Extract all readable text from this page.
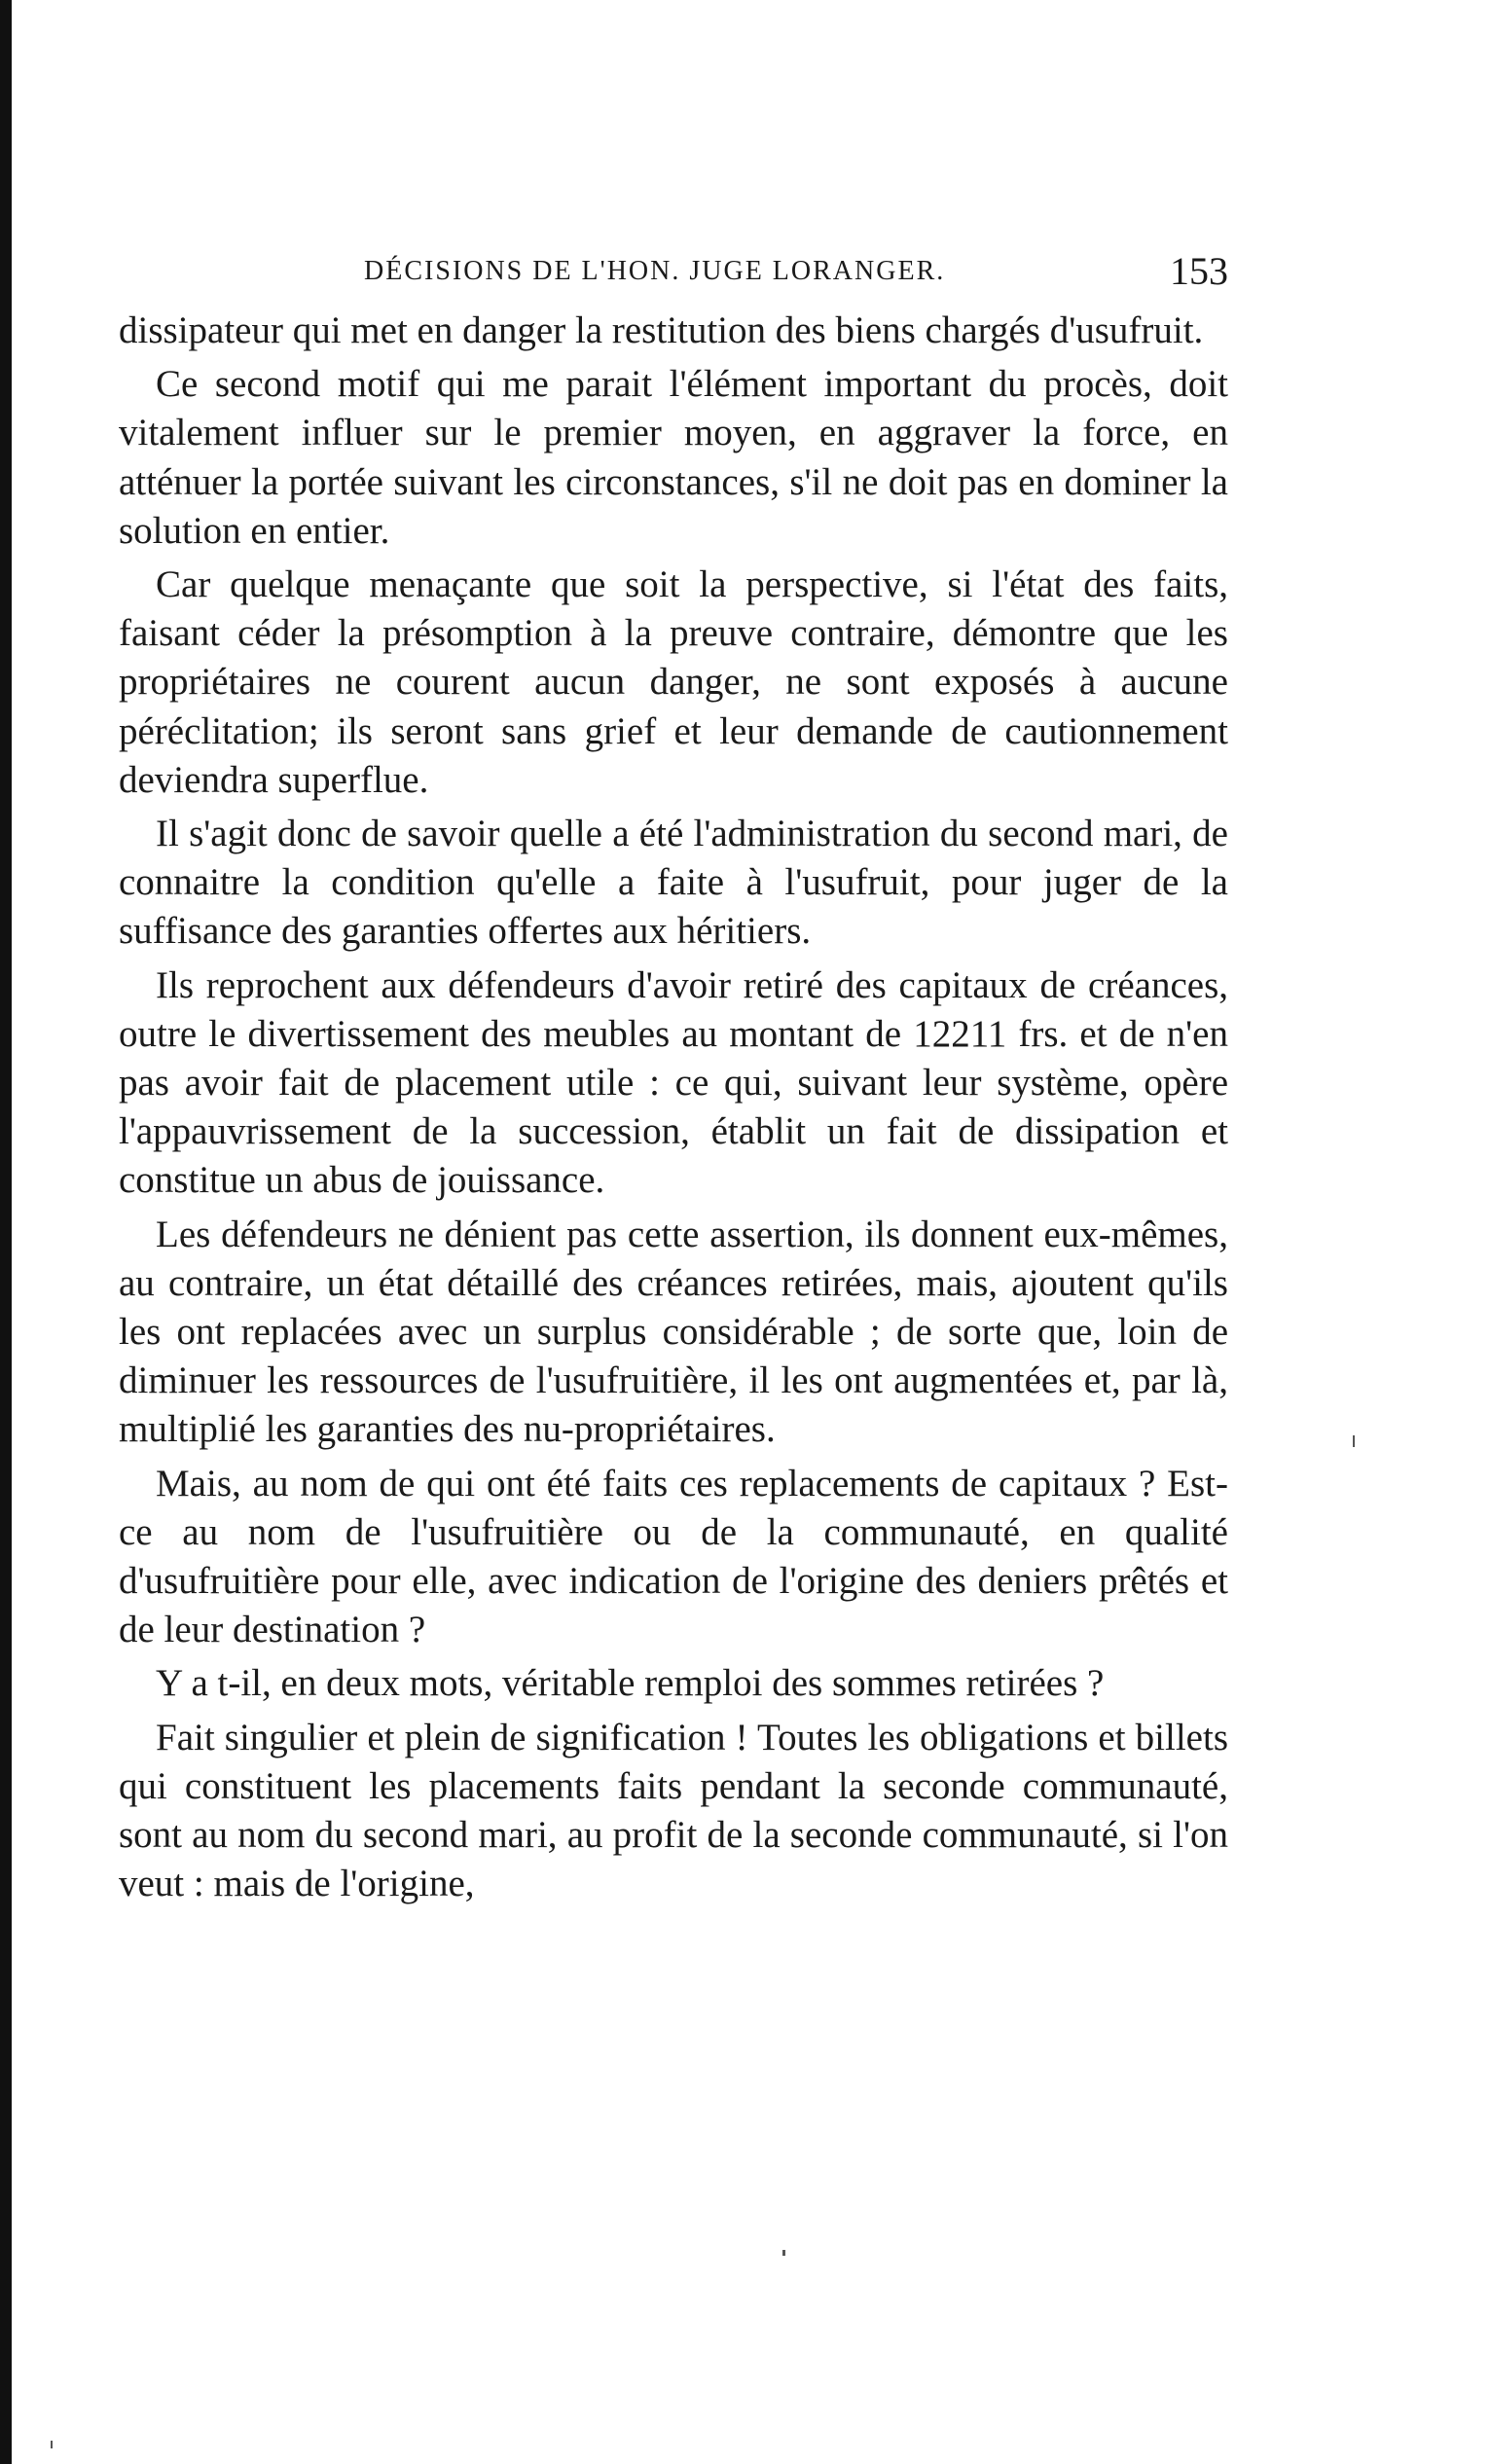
DÉCISIONS DE L'HON. JUGE LORANGER.	153

dissipateur qui met en danger la restitution des biens chargés d'usufruit.

Ce second motif qui me parait l'élément important du procès, doit vitalement influer sur le premier moyen, en aggraver la force, en atténuer la portée suivant les circonstances, s'il ne doit pas en dominer la solution en entier.

Car quelque menaçante que soit la perspective, si l'état des faits, faisant céder la présomption à la preuve contraire, démontre que les propriétaires ne courent aucun danger, ne sont exposés à aucune péréclitation; ils seront sans grief et leur demande de cautionnement deviendra superflue.

Il s'agit donc de savoir quelle a été l'administration du second mari, de connaitre la condition qu'elle a faite à l'usufruit, pour juger de la suffisance des garanties offertes aux héritiers.

Ils reprochent aux défendeurs d'avoir retiré des capitaux de créances, outre le divertissement des meubles au montant de 12211 frs. et de n'en pas avoir fait de placement utile : ce qui, suivant leur système, opère l'appauvrissement de la succession, établit un fait de dissipation et constitue un abus de jouissance.

Les défendeurs ne dénient pas cette assertion, ils donnent eux-mêmes, au contraire, un état détaillé des créances retirées, mais, ajoutent qu'ils les ont replacées avec un surplus considérable ; de sorte que, loin de diminuer les ressources de l'usufruitière, il les ont augmentées et, par là, multiplié les garanties des nu-propriétaires.

Mais, au nom de qui ont été faits ces replacements de capitaux ? Est-ce au nom de l'usufruitière ou de la communauté, en qualité d'usufruitière pour elle, avec indication de l'origine des deniers prêtés et de leur destination ?

Y a t-il, en deux mots, véritable remploi des sommes retirées ?

Fait singulier et plein de signification ! Toutes les obligations et billets qui constituent les placements faits pendant la seconde communauté, sont au nom du second mari, au profit de la seconde communauté, si l'on veut : mais de l'origine,
